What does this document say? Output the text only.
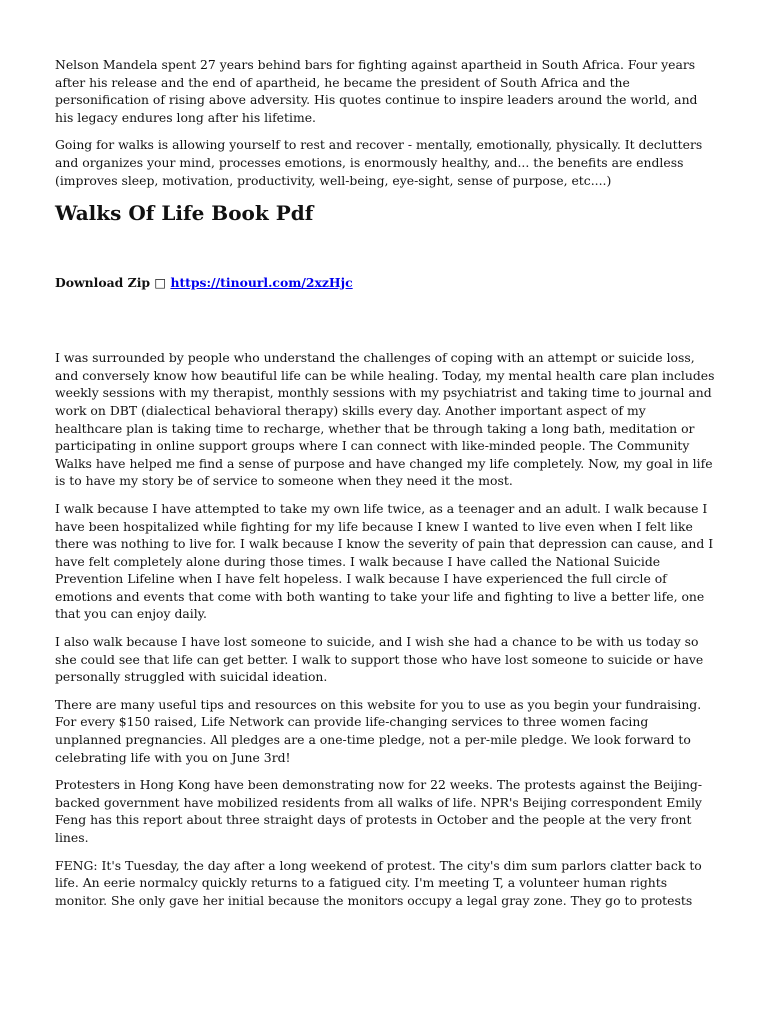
Nelson Mandela spent 27 years behind bars for fighting against apartheid in South Africa. Four years after his release and the end of apartheid, he became the president of South Africa and the personification of rising above adversity. His quotes continue to inspire leaders around the world, and his legacy endures long after his lifetime.

Going for walks is allowing yourself to rest and recover - mentally, emotionally, physically. It declutters and organizes your mind, processes emotions, is enormously healthy, and... the benefits are endless (improves sleep, motivation, productivity, well-being, eye-sight, sense of purpose, etc....)

Walks Of Life Book Pdf
Download Zip □ https://tinourl.com/2xzHjc

I was surrounded by people who understand the challenges of coping with an attempt or suicide loss, and conversely know how beautiful life can be while healing. Today, my mental health care plan includes weekly sessions with my therapist, monthly sessions with my psychiatrist and taking time to journal and work on DBT (dialectical behavioral therapy) skills every day. Another important aspect of my healthcare plan is taking time to recharge, whether that be through taking a long bath, meditation or participating in online support groups where I can connect with like-minded people. The Community Walks have helped me find a sense of purpose and have changed my life completely. Now, my goal in life is to have my story be of service to someone when they need it the most.

I walk because I have attempted to take my own life twice, as a teenager and an adult. I walk because I have been hospitalized while fighting for my life because I knew I wanted to live even when I felt like there was nothing to live for. I walk because I know the severity of pain that depression can cause, and I have felt completely alone during those times. I walk because I have called the National Suicide Prevention Lifeline when I have felt hopeless. I walk because I have experienced the full circle of emotions and events that come with both wanting to take your life and fighting to live a better life, one that you can enjoy daily.

I also walk because I have lost someone to suicide, and I wish she had a chance to be with us today so she could see that life can get better. I walk to support those who have lost someone to suicide or have personally struggled with suicidal ideation.

There are many useful tips and resources on this website for you to use as you begin your fundraising. For every $150 raised, Life Network can provide life-changing services to three women facing unplanned pregnancies. All pledges are a one-time pledge, not a per-mile pledge. We look forward to celebrating life with you on June 3rd!

Protesters in Hong Kong have been demonstrating now for 22 weeks. The protests against the Beijing-backed government have mobilized residents from all walks of life. NPR's Beijing correspondent Emily Feng has this report about three straight days of protests in October and the people at the very front lines.

FENG: It's Tuesday, the day after a long weekend of protest. The city's dim sum parlors clatter back to life. An eerie normalcy quickly returns to a fatigued city. I'm meeting T, a volunteer human rights monitor. She only gave her initial because the monitors occupy a legal gray zone. They go to protests
